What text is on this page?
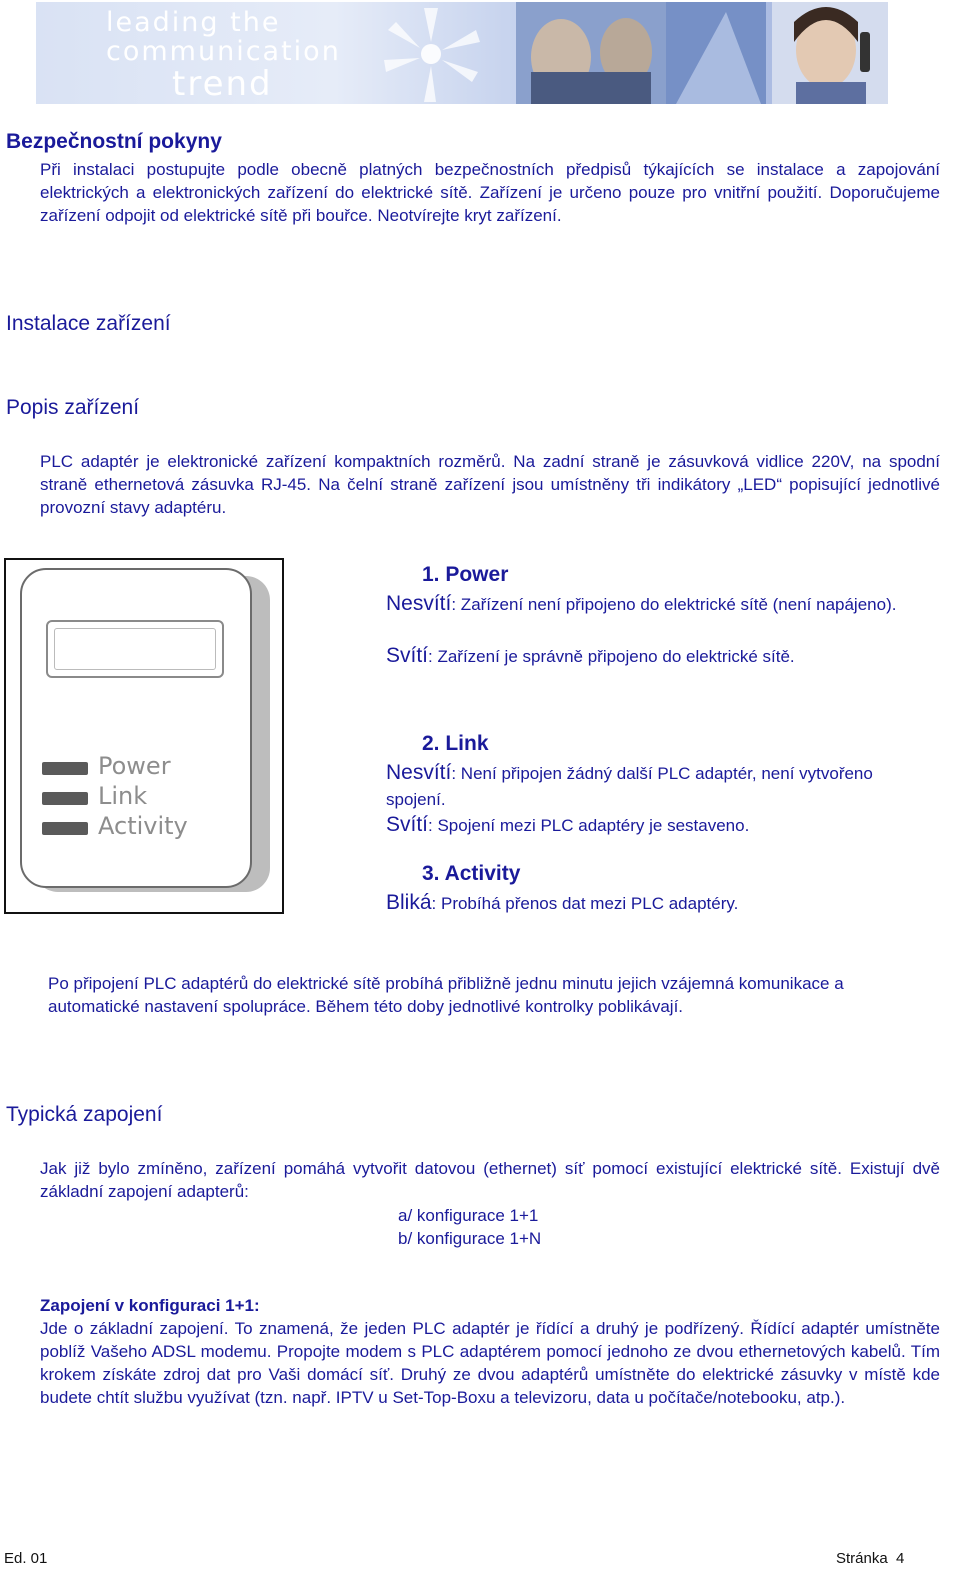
leading the
communication
trend
Bezpečnostní pokyny
Při instalaci postupujte podle obecně platných bezpečnostních předpisů týkajících se instalace a zapojování elektrických a elektronických zařízení do elektrické sítě. Zařízení je určeno pouze pro vnitřní použití. Doporučujeme zařízení odpojit od elektrické sítě při bouřce. Neotvírejte kryt zařízení.
Instalace zařízení
Popis zařízení
PLC adaptér je elektronické zařízení kompaktních rozměrů. Na zadní straně je zásuvková vidlice 220V, na spodní straně ethernetová zásuvka RJ-45. Na čelní straně zařízení jsou umístněny tři indikátory „LED“ popisující jednotlivé provozní stavy adaptéru.
Power
Link
Activity
1. Power
Nesvítí: Zařízení není připojeno do elektrické sítě (není napájeno).
Svítí: Zařízení je správně připojeno do elektrické sítě.
2. Link
Nesvítí: Není připojen žádný další PLC adaptér, není vytvořeno spojení.
Svítí: Spojení mezi PLC adaptéry je sestaveno.
3. Activity
Bliká: Probíhá přenos dat mezi PLC adaptéry.
Po připojení PLC adaptérů do elektrické sítě probíhá přibližně jednu minutu jejich vzájemná komunikace a automatické nastavení spolupráce. Během této doby jednotlivé kontrolky poblikávají.
Typická zapojení
Jak již bylo zmíněno, zařízení pomáhá vytvořit datovou (ethernet) síť pomocí existující elektrické sítě. Existují dvě základní zapojení adapterů:
a/ konfigurace 1+1
b/ konfigurace 1+N
Zapojení v konfiguraci 1+1:
Jde o základní zapojení. To znamená, že jeden PLC adaptér je řídící a druhý je podřízený. Řídící adaptér umístněte poblíž Vašeho ADSL modemu. Propojte modem s PLC adaptérem pomocí jednoho ze dvou ethernetových kabelů. Tím krokem získáte zdroj dat pro Vaši domácí síť. Druhý ze dvou adaptérů umístněte do elektrické zásuvky v místě kde budete chtít službu využívat (tzn. např. IPTV u Set-Top-Boxu a televizoru, data u počítače/notebooku, atp.).
Ed. 01	Stránka  4
